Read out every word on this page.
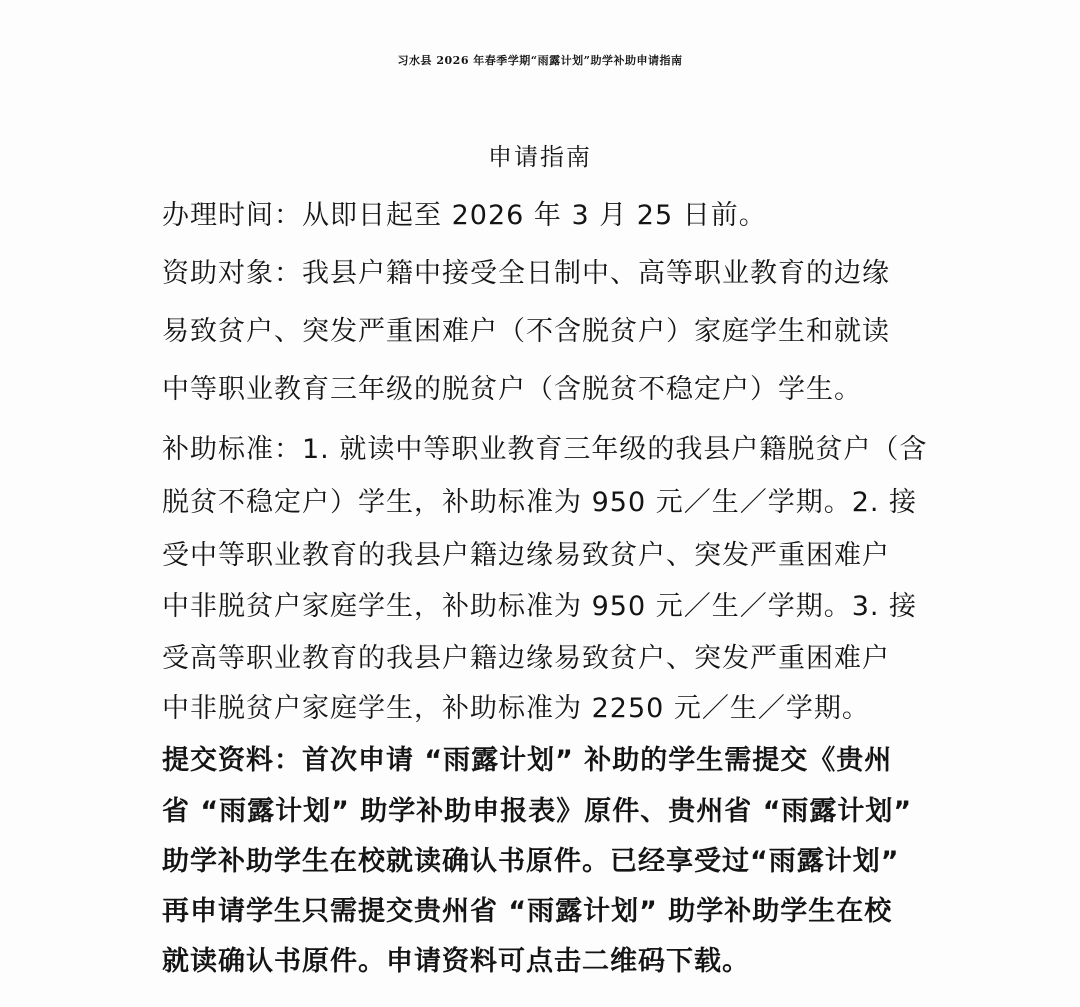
习水县 2026 年春季学期“雨露计划”助学补助申请指南
申请指南
办理时间：从即日起至 2026 年 3 月 25 日前。
资助对象：我县户籍中接受全日制中、高等职业教育的边缘
易致贫户、突发严重困难户（不含脱贫户）家庭学生和就读
中等职业教育三年级的脱贫户（含脱贫不稳定户）学生。
补助标准：1. 就读中等职业教育三年级的我县户籍脱贫户（含
脱贫不稳定户）学生，补助标准为 950 元／生／学期。2. 接
受中等职业教育的我县户籍边缘易致贫户、突发严重困难户
中非脱贫户家庭学生，补助标准为 950 元／生／学期。3. 接
受高等职业教育的我县户籍边缘易致贫户、突发严重困难户
中非脱贫户家庭学生，补助标准为 2250 元／生／学期。
提交资料：首次申请 “雨露计划” 补助的学生需提交《贵州
省 “雨露计划” 助学补助申报表》原件、贵州省 “雨露计划”
助学补助学生在校就读确认书原件。已经享受过“雨露计划”
再申请学生只需提交贵州省 “雨露计划” 助学补助学生在校
就读确认书原件。申请资料可点击二维码下载。
